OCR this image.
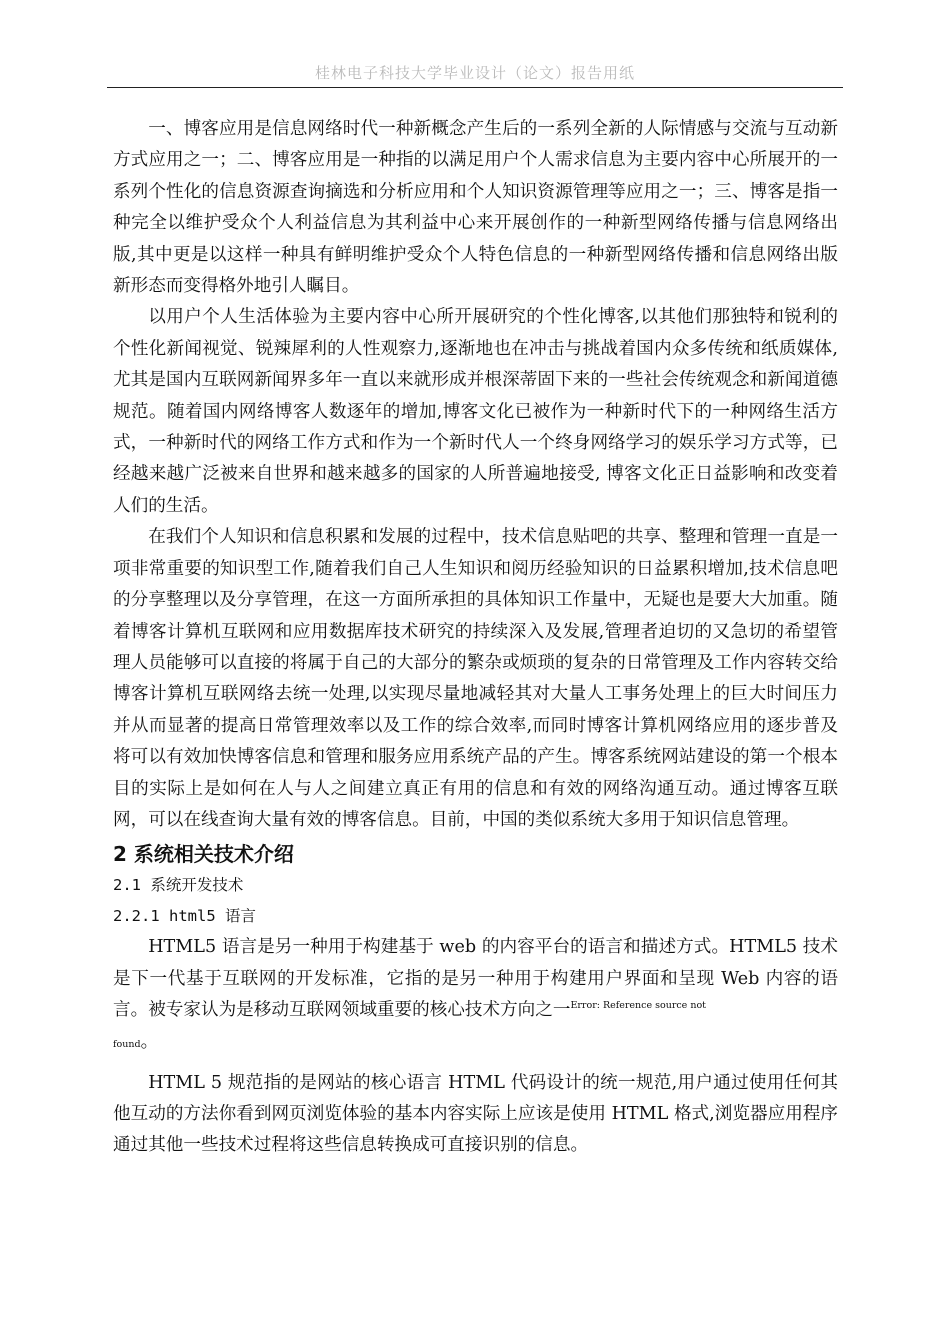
桂林电子科技大学毕业设计（论文）报告用纸

一、博客应用是信息网络时代一种新概念产生后的一系列全新的人际情感与交流与互动新方式应用之一；二、博客应用是一种指的以满足用户个人需求信息为主要内容中心所展开的一系列个性化的信息资源查询摘选和分析应用和个人知识资源管理等应用之一；三、博客是指一种完全以维护受众个人利益信息为其利益中心来开展创作的一种新型网络传播与信息网络出版,其中更是以这样一种具有鲜明维护受众个人特色信息的一种新型网络传播和信息网络出版新形态而变得格外地引人瞩目。

以用户个人生活体验为主要内容中心所开展研究的个性化博客,以其他们那独特和锐利的个性化新闻视觉、锐辣犀利的人性观察力,逐渐地也在冲击与挑战着国内众多传统和纸质媒体,尤其是国内互联网新闻界多年一直以来就形成并根深蒂固下来的一些社会传统观念和新闻道德规范。随着国内网络博客人数逐年的增加,博客文化已被作为一种新时代下的一种网络生活方式，一种新时代的网络工作方式和作为一个新时代人一个终身网络学习的娱乐学习方式等，已经越来越广泛被来自世界和越来越多的国家的人所普遍地接受, 博客文化正日益影响和改变着人们的生活。

在我们个人知识和信息积累和发展的过程中，技术信息贴吧的共享、整理和管理一直是一项非常重要的知识型工作,随着我们自己人生知识和阅历经验知识的日益累积增加,技术信息吧的分享整理以及分享管理，在这一方面所承担的具体知识工作量中，无疑也是要大大加重。随着博客计算机互联网和应用数据库技术研究的持续深入及发展,管理者迫切的又急切的希望管理人员能够可以直接的将属于自己的大部分的繁杂或烦琐的复杂的日常管理及工作内容转交给博客计算机互联网络去统一处理,以实现尽量地减轻其对大量人工事务处理上的巨大时间压力并从而显著的提高日常管理效率以及工作的综合效率,而同时博客计算机网络应用的逐步普及将可以有效加快博客信息和管理和服务应用系统产品的产生。博客系统网站建设的第一个根本目的实际上是如何在人与人之间建立真正有用的信息和有效的网络沟通互动。通过博客互联网，可以在线查询大量有效的博客信息。目前，中国的类似系统大多用于知识信息管理。

2 系统相关技术介绍
2.1 系统开发技术
2.2.1 html5 语言

HTML5 语言是另一种用于构建基于 web 的内容平台的语言和描述方式。HTML5 技术是下一代基于互联网的开发标准，它指的是另一种用于构建用户界面和呈现 Web 内容的语言。被专家认为是移动互联网领域重要的核心技术方向之一$^{Error: Reference source not}$
found。

HTML 5 规范指的是网站的核心语言 HTML 代码设计的统一规范,用户通过使用任何其他互动的方法你看到网页浏览体验的基本内容实际上应该是使用 HTML 格式,浏览器应用程序通过其他一些技术过程将这些信息转换成可直接识别的信息。
